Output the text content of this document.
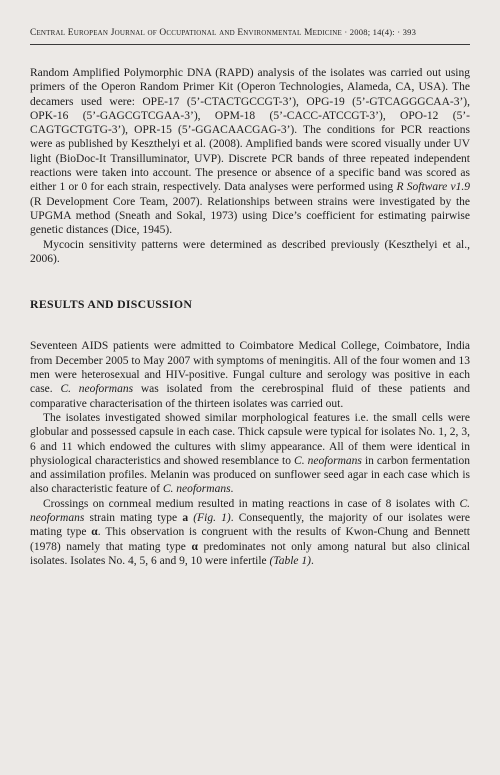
Central European Journal of Occupational and Environmental Medicine · 2008; 14(4): · 393

Random Amplified Polymorphic DNA (RAPD) analysis of the isolates was carried out using primers of the Operon Random Primer Kit (Operon Technologies, Alameda, CA, USA). The decamers used were: OPE-17 (5’-CTACTGCCGT-3’), OPG-19 (5’-GTCAGGGCAA-3’), OPK-16 (5’-GAGCGTCGAA-3’), OPM-18 (5’-CACC-ATCCGT-3’), OPO-12 (5’-CAGTGCTGTG-3’), OPR-15 (5’-GGACAACGAG-3’). The conditions for PCR reactions were as published by Keszthelyi et al. (2008). Amplified bands were scored visually under UV light (BioDoc-It Transilluminator, UVP). Discrete PCR bands of three repeated independent reactions were taken into account. The presence or absence of a specific band was scored as either 1 or 0 for each strain, respectively. Data analyses were performed using R Software v1.9 (R Development Core Team, 2007). Relationships between strains were investigated by the UPGMA method (Sneath and Sokal, 1973) using Dice’s coefficient for estimating pairwise genetic distances (Dice, 1945).

Mycocin sensitivity patterns were determined as described previously (Keszthelyi et al., 2006).

RESULTS AND DISCUSSION

Seventeen AIDS patients were admitted to Coimbatore Medical College, Coimbatore, India from December 2005 to May 2007 with symptoms of meningitis. All of the four women and 13 men were heterosexual and HIV-positive. Fungal culture and serology was positive in each case. C. neoformans was isolated from the cerebrospinal fluid of these patients and comparative characterisation of the thirteen isolates was carried out.

The isolates investigated showed similar morphological features i.e. the small cells were globular and possessed capsule in each case. Thick capsule were typical for isolates No. 1, 2, 3, 6 and 11 which endowed the cultures with slimy appearance. All of them were identical in physiological characteristics and showed resemblance to C. neoformans in carbon fermentation and assimilation profiles. Melanin was produced on sunflower seed agar in each case which is also characteristic feature of C. neoformans.

Crossings on cornmeal medium resulted in mating reactions in case of 8 isolates with C. neoformans strain mating type a (Fig. 1). Consequently, the majority of our isolates were mating type α. This observation is congruent with the results of Kwon-Chung and Bennett (1978) namely that mating type α predominates not only among natural but also clinical isolates. Isolates No. 4, 5, 6 and 9, 10 were infertile (Table 1).
